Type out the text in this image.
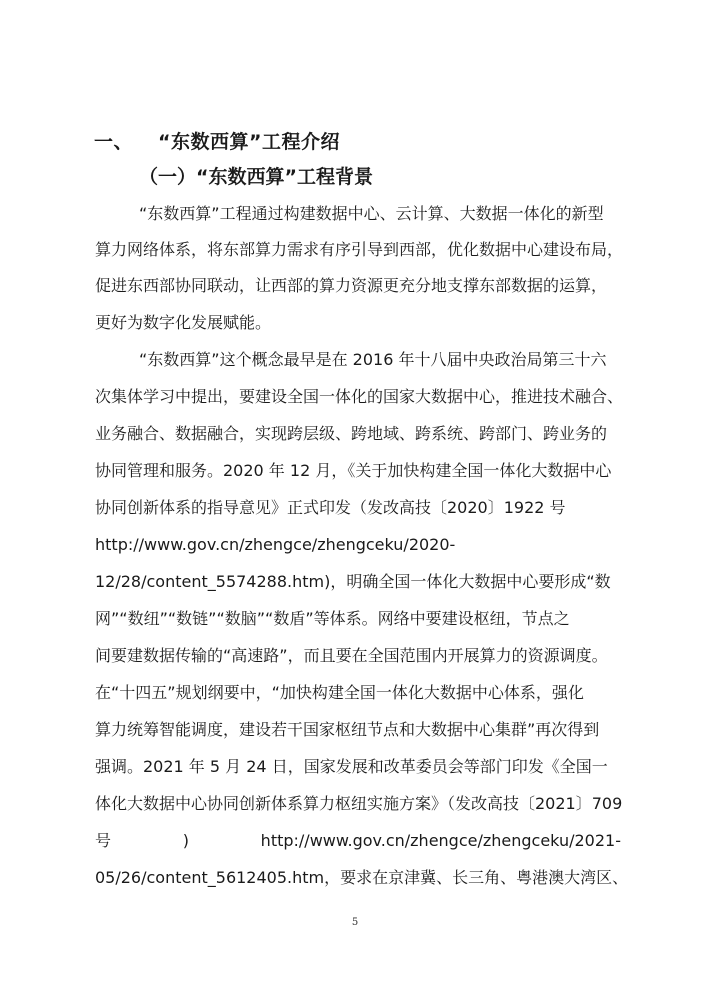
一、 “东数西算”工程介绍
（一）“东数西算”工程背景
“东数西算”工程通过构建数据中心、云计算、大数据一体化的新型
算力网络体系，将东部算力需求有序引导到西部，优化数据中心建设布局，
促进东西部协同联动，让西部的算力资源更充分地支撑东部数据的运算，
更好为数字化发展赋能。
“东数西算”这个概念最早是在 2016 年十八届中央政治局第三十六
次集体学习中提出，要建设全国一体化的国家大数据中心，推进技术融合、
业务融合、数据融合，实现跨层级、跨地域、跨系统、跨部门、跨业务的
协同管理和服务。2020 年 12 月，《关于加快构建全国一体化大数据中心
协同创新体系的指导意见》正式印发（发改高技〔2020〕1922 号
http://www.gov.cn/zhengce/zhengceku/2020-
12/28/content_5574288.htm)，明确全国一体化大数据中心要形成“数
网”“数纽”“数链”“数脑”“数盾”等体系。网络中要建设枢纽，节点之
间要建数据传输的“高速路”，而且要在全国范围内开展算力的资源调度。
在“十四五”规划纲要中，“加快构建全国一体化大数据中心体系，强化
算力统筹智能调度，建设若干国家枢纽节点和大数据中心集群”再次得到
强调。2021 年 5 月 24 日，国家发展和改革委员会等部门印发《全国一
体化大数据中心协同创新体系算力枢纽实施方案》（发改高技〔2021〕709
号	)	http://www.gov.cn/zhengce/zhengceku/2021-
05/26/content_5612405.htm，要求在京津冀、长三角、粤港澳大湾区、
5
